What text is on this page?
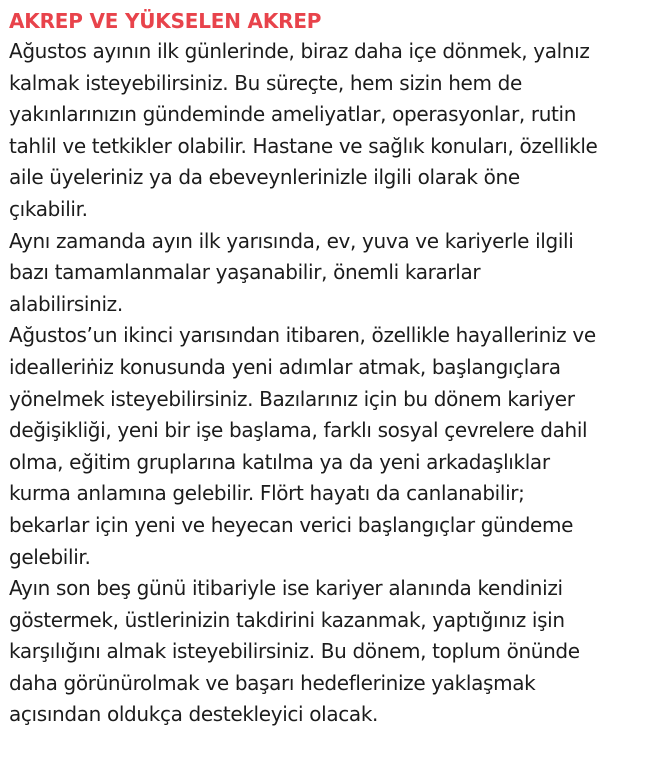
AKREP VE YÜKSELEN AKREP

Ağustos ayının ilk günlerinde, biraz daha içe dönmek, yalnız
kalmak isteyebilirsiniz. Bu süreçte, hem sizin hem de
yakınlarınızın gündeminde ameliyatlar, operasyonlar, rutin
tahlil ve tetkikler olabilir. Hastane ve sağlık konuları, özellikle
aile üyeleriniz ya da ebeveynlerinizle ilgili olarak öne
çıkabilir.

Aynı zamanda ayın ilk yarısında, ev, yuva ve kariyerle ilgili
bazı tamamlanmalar yaşanabilir, önemli kararlar
alabilirsiniz.

Ağustos’un ikinci yarısından itibaren, özellikle hayalleriniz ve
idealleriṅiz konusunda yeni adımlar atmak, başlangıçlara
yönelmek isteyebilirsiniz. Bazılarınız için bu dönem kariyer
değişikliği, yeni bir işe başlama, farklı sosyal çevrelere dahil
olma, eğitim gruplarına katılma ya da yeni arkadaşlıklar
kurma anlamına gelebilir. Flört hayatı da canlanabilir;
bekarlar için yeni ve heyecan verici başlangıçlar gündeme
gelebilir.

Ayın son beş günü itibariyle ise kariyer alanında kendinizi
göstermek, üstlerinizin takdirini kazanmak, yaptığınız işin
karşılığını almak isteyebilirsiniz. Bu dönem, toplum önünde
daha görünürolmak ve başarı hedeflerinize yaklaşmak
açısından oldukça destekleyici olacak.
